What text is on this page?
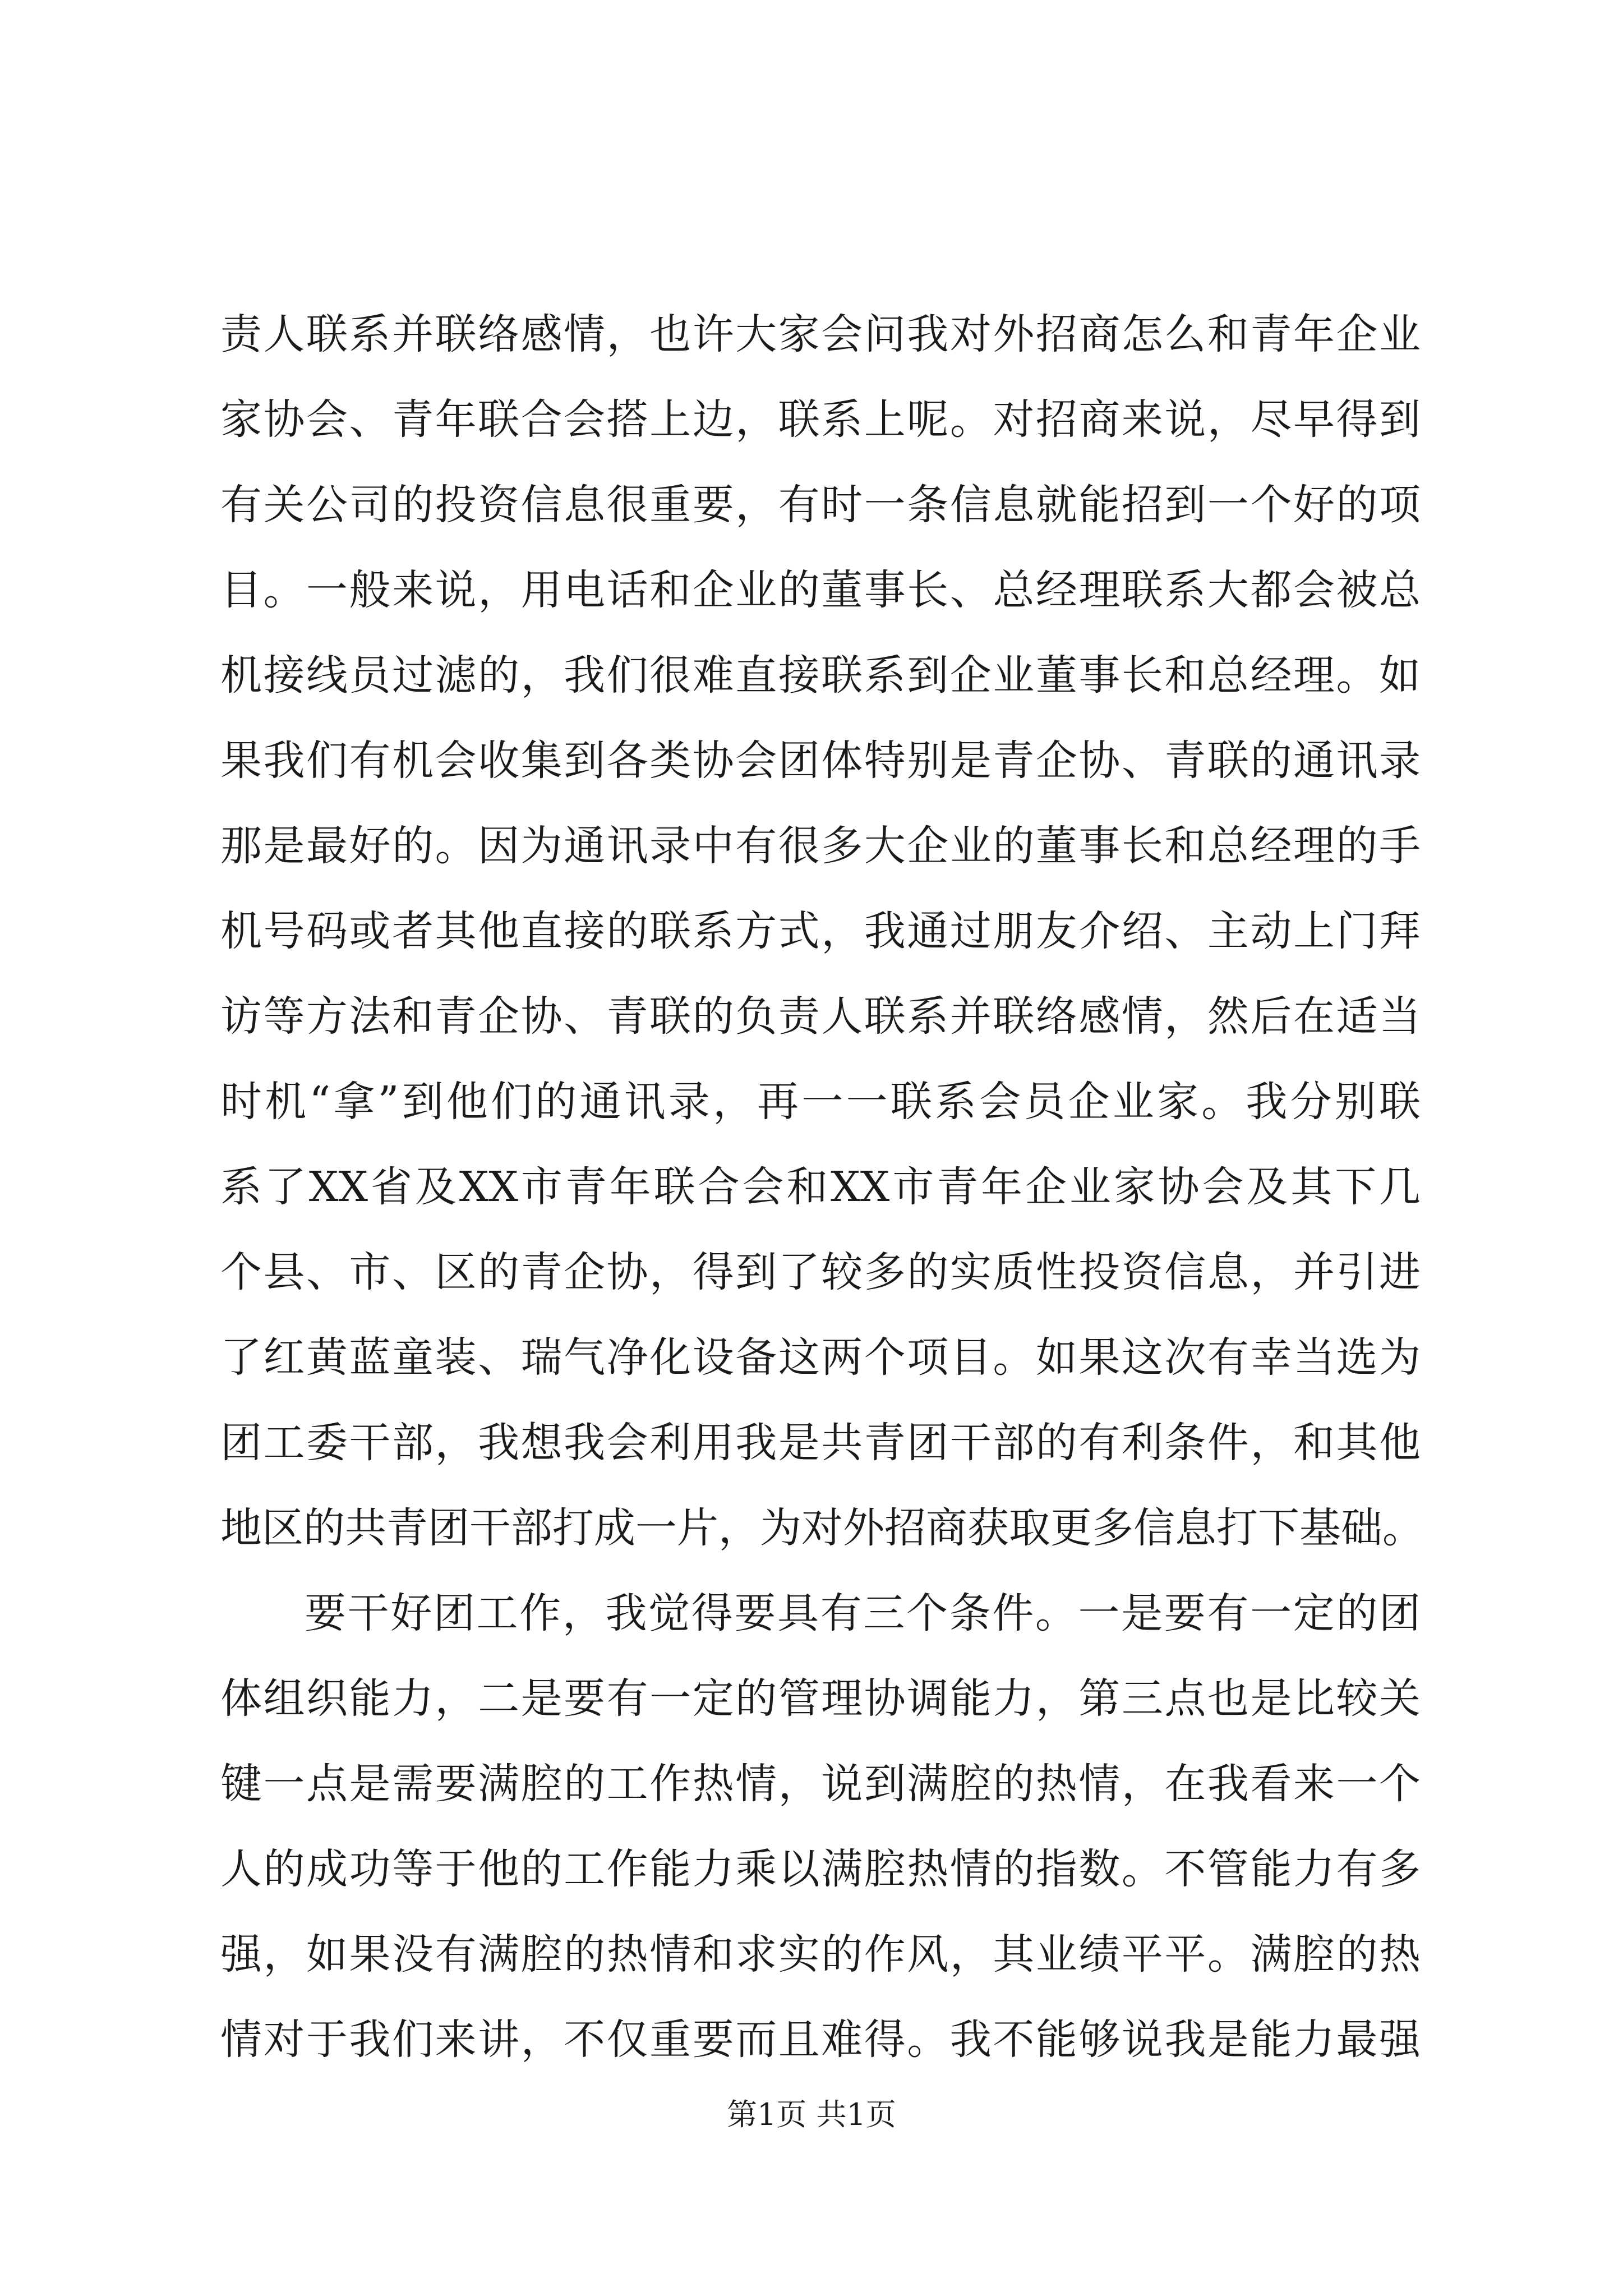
责人联系并联络感情，也许大家会问我对外招商怎么和青年企业
家协会、青年联合会搭上边，联系上呢。对招商来说，尽早得到
有关公司的投资信息很重要，有时一条信息就能招到一个好的项
目。一般来说，用电话和企业的董事长、总经理联系大都会被总
机接线员过滤的，我们很难直接联系到企业董事长和总经理。如
果我们有机会收集到各类协会团体特别是青企协、青联的通讯录
那是最好的。因为通讯录中有很多大企业的董事长和总经理的手
机号码或者其他直接的联系方式，我通过朋友介绍、主动上门拜
访等方法和青企协、青联的负责人联系并联络感情，然后在适当
时机“拿”到他们的通讯录，再一一联系会员企业家。我分别联
系了XX省及XX市青年联合会和XX市青年企业家协会及其下几
个县、市、区的青企协，得到了较多的实质性投资信息，并引进
了红黄蓝童装、瑞气净化设备这两个项目。如果这次有幸当选为
团工委干部，我想我会利用我是共青团干部的有利条件，和其他
地区的共青团干部打成一片，为对外招商获取更多信息打下基础。
要干好团工作，我觉得要具有三个条件。一是要有一定的团
体组织能力，二是要有一定的管理协调能力，第三点也是比较关
键一点是需要满腔的工作热情，说到满腔的热情，在我看来一个
人的成功等于他的工作能力乘以满腔热情的指数。不管能力有多
强，如果没有满腔的热情和求实的作风，其业绩平平。满腔的热
情对于我们来讲，不仅重要而且难得。我不能够说我是能力最强
第1页 共1页
